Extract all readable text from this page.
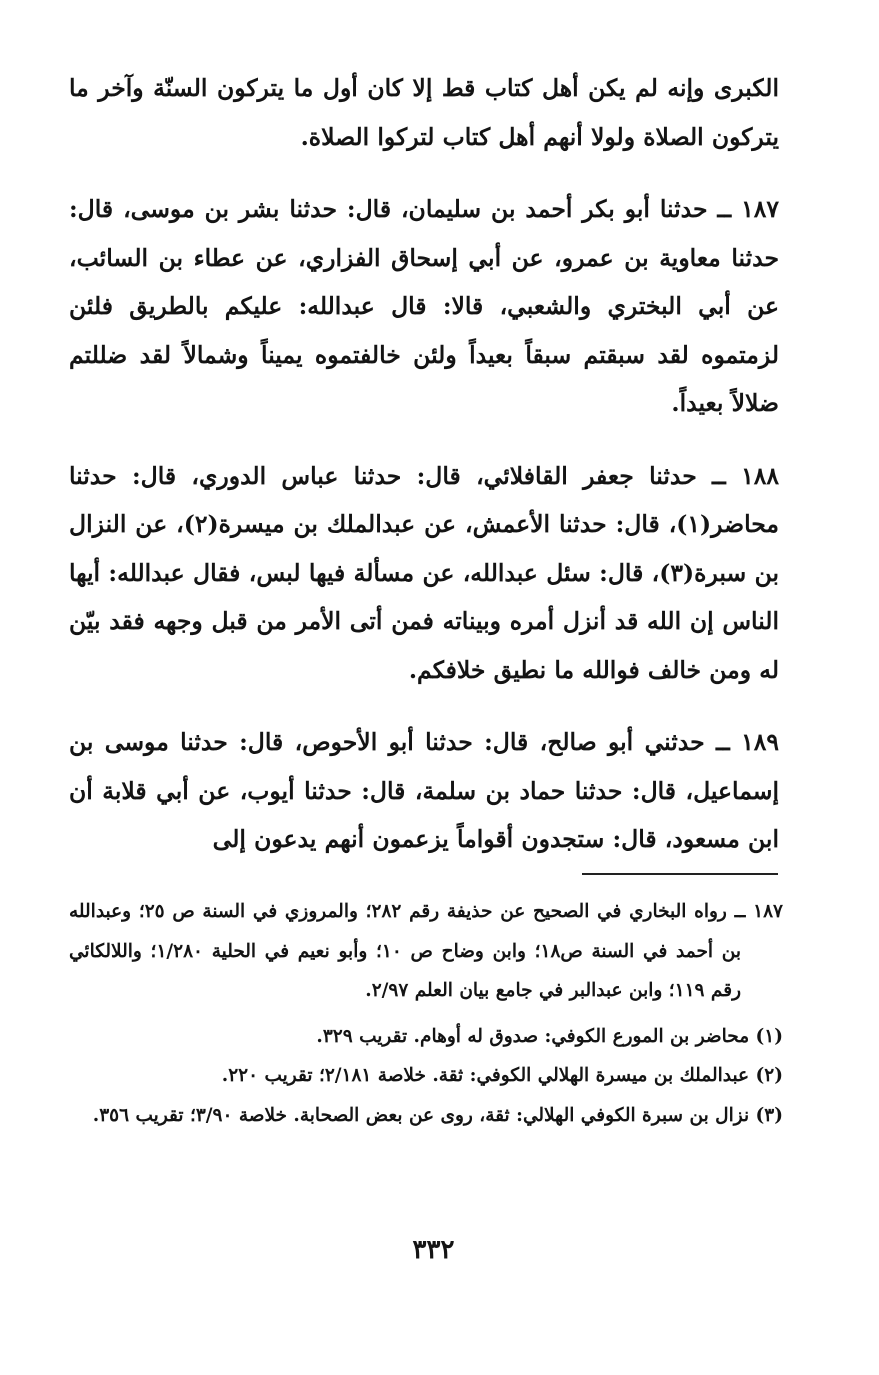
الكبرى وإنه لم يكن أهل كتاب قط إلا كان أول ما يتركون السنّة وآخر ما يتركون الصلاة ولولا أنهم أهل كتاب لتركوا الصلاة.

١٨٧ ــ حدثنا أبو بكر أحمد بن سليمان، قال: حدثنا بشر بن موسى، قال: حدثنا معاوية بن عمرو، عن أبي إسحاق الفزاري، عن عطاء بن السائب، عن أبي البختري والشعبي، قالا: قال عبدالله: عليكم بالطريق فلئن لزمتموه لقد سبقتم سبقاً بعيداً ولئن خالفتموه يميناً وشمالاً لقد ضللتم ضلالاً بعيداً.

١٨٨ ــ حدثنا جعفر القافلائي، قال: حدثنا عباس الدوري، قال: حدثنا محاضر(١)، قال: حدثنا الأعمش، عن عبدالملك بن ميسرة(٢)، عن النزال بن سبرة(٣)، قال: سئل عبدالله، عن مسألة فيها لبس، فقال عبدالله: أيها الناس إن الله قد أنزل أمره وبيناته فمن أتى الأمر من قبل وجهه فقد بيّن له ومن خالف فوالله ما نطيق خلافكم.

١٨٩ ــ حدثني أبو صالح، قال: حدثنا أبو الأحوص، قال: حدثنا موسى بن إسماعيل، قال: حدثنا حماد بن سلمة، قال: حدثنا أيوب، عن أبي قلابة أن ابن مسعود، قال: ستجدون أقواماً يزعمون أنهم يدعون إلى

١٨٧ ــ رواه البخاري في الصحيح عن حذيفة رقم ٢٨٢؛ والمروزي في السنة ص ٢٥؛ وعبدالله بن أحمد في السنة ص١٨؛ وابن وضاح ص ١٠؛ وأبو نعيم في الحلية ١/٢٨٠؛ واللالكائي رقم ١١٩؛ وابن عبدالبر في جامع بيان العلم ٢/٩٧.

(١) محاضر بن المورع الكوفي: صدوق له أوهام. تقريب ٣٢٩.

(٢) عبدالملك بن ميسرة الهلالي الكوفي: ثقة. خلاصة ٢/١٨١؛ تقريب ٢٢٠.

(٣) نزال بن سبرة الكوفي الهلالي: ثقة، روى عن بعض الصحابة. خلاصة ٣/٩٠؛ تقريب ٣٥٦.

٣٣٢
